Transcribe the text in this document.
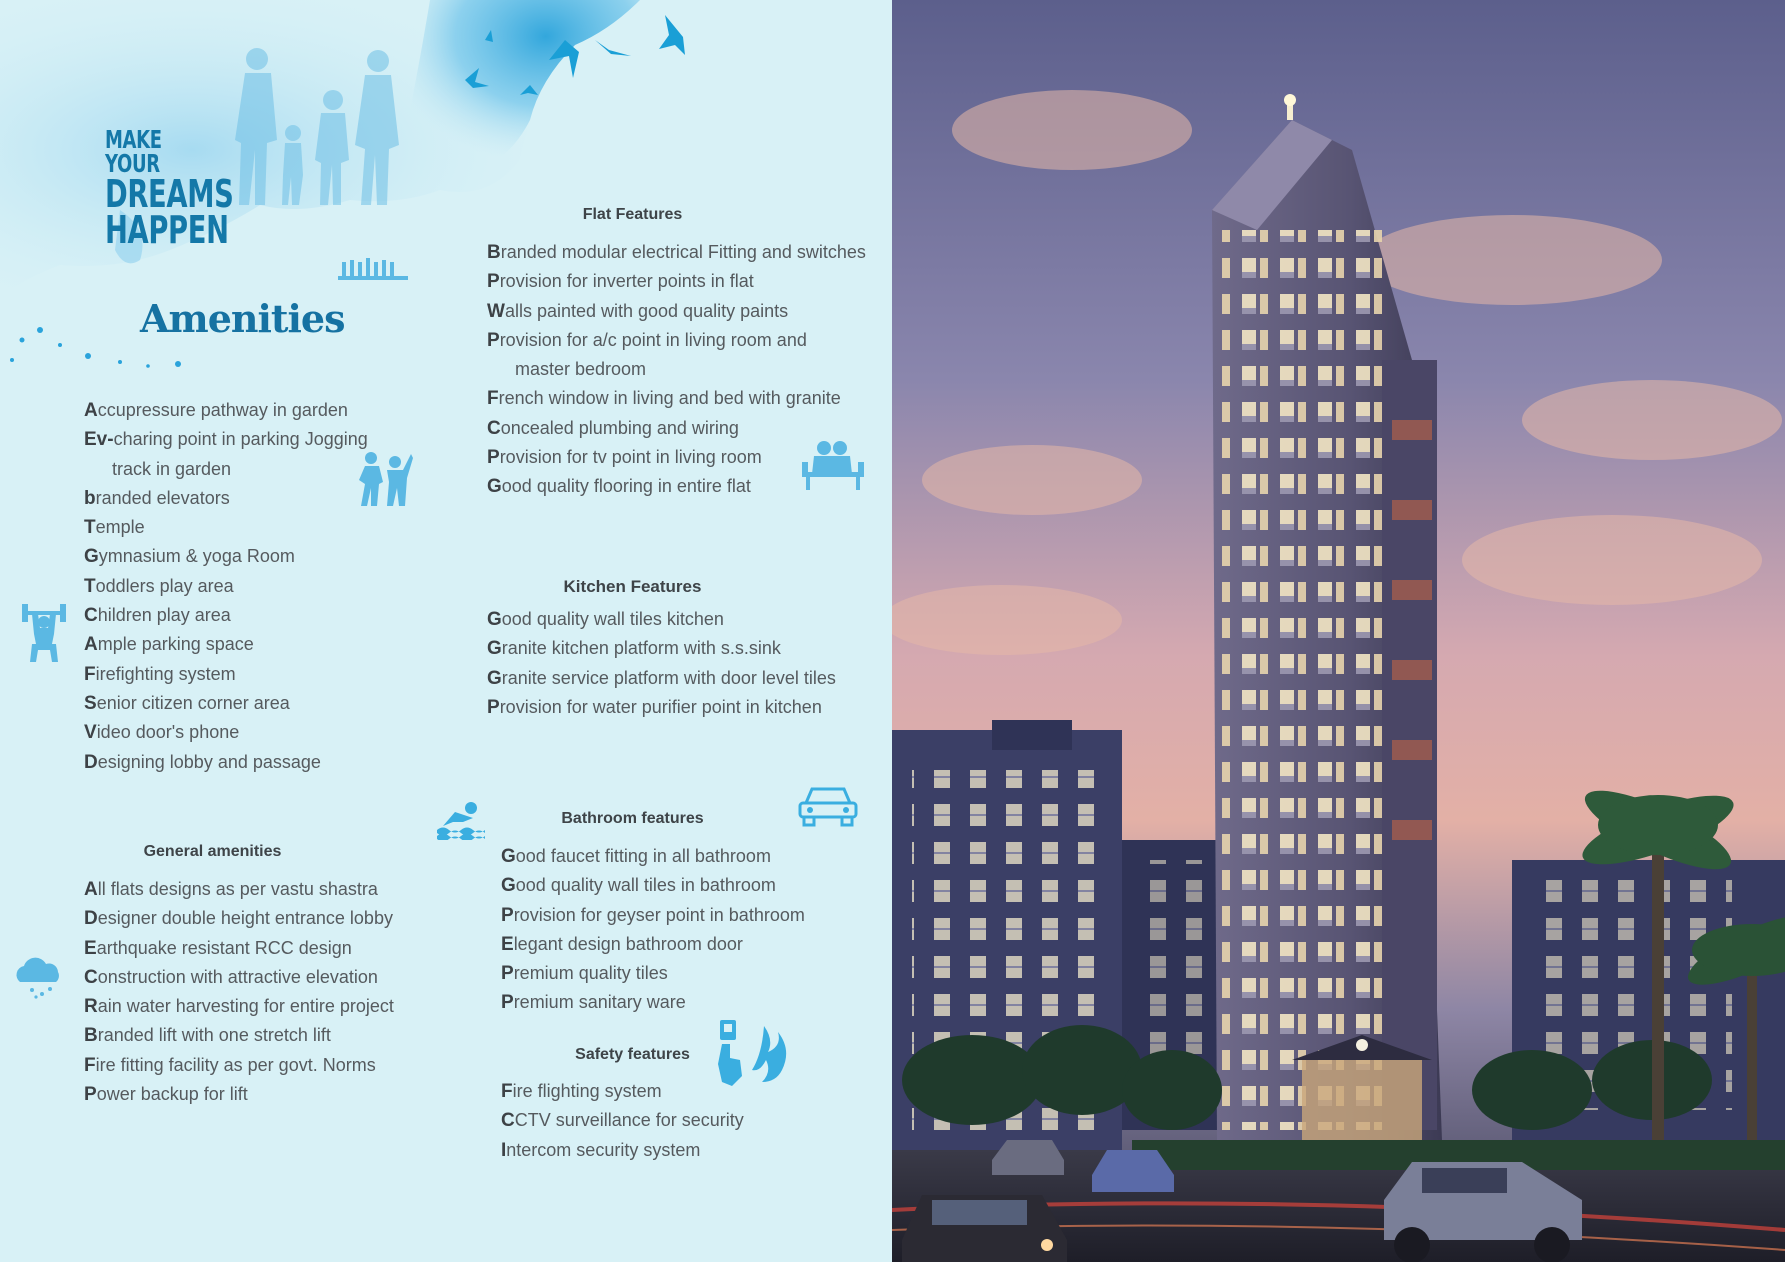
MAKE YOUR
DREAMS
HAPPEN
Amenities
Accupressure pathway in garden
Ev-charing point in parking Jogging
track in garden
branded elevators
Temple
Gymnasium & yoga Room
Toddlers play area
Children play area
Ample parking space
Firefighting system
Senior citizen corner area
Video door's phone
Designing lobby and passage
General amenities
All flats designs as per vastu shastra
Designer double height entrance lobby
Earthquake resistant RCC design
Construction with attractive elevation
Rain water harvesting for entire project
Branded lift with one stretch lift
Fire fitting facility as per govt. Norms
Power backup for lift
Flat Features
Branded modular electrical Fitting and switches
Provision for inverter points in flat
Walls painted with good quality paints
Provision for a/c point in living room and
master bedroom
French window in living and bed with granite
Concealed plumbing and wiring
Provision for tv point in living room
Good quality flooring in entire flat
Kitchen Features
Good quality wall tiles kitchen
Granite kitchen platform with s.s.sink
Granite service platform with door level tiles
Provision for water purifier point in kitchen
Bathroom features
Good faucet fitting in all bathroom
Good quality wall tiles in bathroom
Provision for geyser point in bathroom
Elegant design bathroom door
Premium quality tiles
Premium sanitary ware
Safety features
Fire flighting system
CCTV surveillance for security
Intercom security system
